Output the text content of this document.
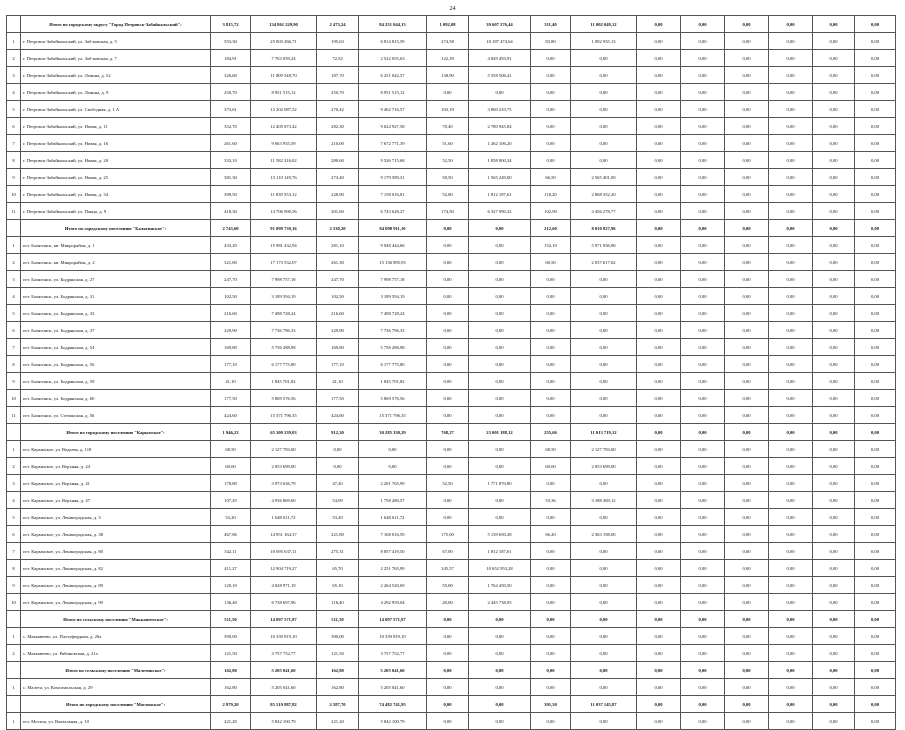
24
	Итого по городскому округу "Город Петровск-Забайкальский":	3 815,72	134 861 229,90	2 473,24	84 251 044,13	1 092,08	39 607 276,44	311,40	11 002 049,12	0,00	0,00	0,00	0,00	0,00	0,00
1	г. Петровск-Забайкальский, ул. Заб-ковская, д. 5	553,30	25 003 266,71	195,63	6 814 815,59	274,58	10 187 474,64	83,80	1 092 935,13	0,00	0,00	0,00	0,00	0,00	0,00
2	г. Петровск-Забайкальский, ул. Заб-ковская, д. 7	184,91	7 763 059,24	72,52	2 522 055,63	122,39	4 849 493,91	0,00	0,00	0,00	0,00	0,00	0,00	0,00	0,00
3	г. Петровск-Забайкальский, ул. Ленина, д. 52	326,60	11 809 548,70	187,70	6 251 042,57	138,90	5 558 506,41	0,00	0,00	0,00	0,00	0,00	0,00	0,00	0,00
4	г. Петровск-Забайкальский, ул. Ленина, д. 9	250,70	8 951 515,12	250,70	8 951 515,12	0,00	0,00	0,00	0,00	0,00	0,00	0,00	0,00	0,00	0,00
5	г. Петровск-Забайкальский, ул. Свободная, д. 1 А	373,61	13 202 087,52	270,42	9 462 716,57	103,19	3 860 210,75	0,00	0,00	0,00	0,00	0,00	0,00	0,00	0,00
6	г. Петровск-Забайкальский, ул. Новая, д. 11	352,70	12 405 873,42	282,30	9 624 927,58	70,40	2 780 945,84	0,00	0,00	0,00	0,00	0,00	0,00	0,00	0,00
7	г. Петровск-Забайкальский, ул. Новая, д. 16	261,60	9 063 955,59	210,00	7 672 771,39	51,60	1 262 106,20	0,00	0,00	0,00	0,00	0,00	0,00	0,00	0,00
8	г. Петровск-Забайкальский, ул. Новая, д. 20	333,10	11 582 316,02	280,60	9 526 715,68	52,50	1 858 800,34	0,00	0,00	0,00	0,00	0,00	0,00	0,00	0,00
9	г. Петровск-Забайкальский, ул. Новая, д. 25	381,30	13 110 149,76	273,40	9 179 589,31	50,50	1 565 249,00	66,50	2 565 401,00	0,00	0,00	0,00	0,00	0,00	0,00
10	г. Петровск-Забайкальский, ул. Новая, д. 34	399,50	11 839 553,12	228,90	7 158 016,81	52,80	1 812 187,61	118,20	2 868 352,20	0,00	0,00	0,00	0,00	0,00	0,00
11	г. Петровск-Забайкальский, ул. Панца, д. 9	418,30	14 706 990,56	201,60	6 743 628,27	174,50	6 327 090,32	102,90	3 456 278,77	0,00	0,00	0,00	0,00	0,00	0,00
	Итого по городскому поселению "Балягинское":	2 743,60	91 099 739,16	2 530,20	84 098 911,10	0,00	0,00	212,60	8 010 827,96	0,00	0,00	0,00	0,00	0,00	0,00
1	пгт. Балягинск, кв. Микрорайон, д. 1	433,20	15 981 432,94	281,10	9 948 444,66	0,00	0,00	152,10	5 971 936,96	0,00	0,00	0,00	0,00	0,00	0,00
2	пгт. Балягинск, кв. Микрорайон, д. 2	321,80	17 173 532,07	261,30	15 136 895,93	0,00	0,00	60,50	2 037 617,02	0,00	0,00	0,00	0,00	0,00	0,00
3	пгт. Балягинск, ул. Бодрянская, д. 27	247,70	7 998 757,18	247,70	7 998 757,18	0,00	0,00	0,00	0,00	0,00	0,00	0,00	0,00	0,00	0,00
4	пгт. Балягинск, ул. Бодрянская, д. 31	102,50	3 189 594,19	102,50	3 189 594,19	0,00	0,00	0,00	0,00	0,00	0,00	0,00	0,00	0,00	0,00
5	пгт. Балягинск, ул. Бодрянская, д. 33	216,60	7 498 728,24	216,60	7 498 728,24	0,00	0,00	0,00	0,00	0,00	0,00	0,00	0,00	0,00	0,00
6	пгт. Балягинск, ул. Бодрянская, д. 37	229,90	7 736 796,33	229,90	7 736 796,33	0,00	0,00	0,00	0,00	0,00	0,00	0,00	0,00	0,00	0,00
7	пгт. Балягинск, ул. Бодрянская, д. 54	169,80	5 756 288,98	169,80	5 756 288,98	0,00	0,00	0,00	0,00	0,00	0,00	0,00	0,00	0,00	0,00
8	пгт. Балягинск, ул. Бодрянская, д. 56	177,10	6 177 775,80	177,10	6 177 775,80	0,00	0,00	0,00	0,00	0,00	0,00	0,00	0,00	0,00	0,00
9	пгт. Балягинск, ул. Бодрянская, д. 59	41,10	1 845 701,82	41,10	1 845 701,82	0,00	0,00	0,00	0,00	0,00	0,00	0,00	0,00	0,00	0,00
10	пгт. Балягинск, ул. Бодрянская, д. 60	177,50	5 869 576,56	177,50	5 869 576,56	0,00	0,00	0,00	0,00	0,00	0,00	0,00	0,00	0,00	0,00
11	пгт. Балягинск, ул. Степанская, д. 56	424,60	15 371 796,35	424,60	15 371 796,35	0,00	0,00	0,00	0,00	0,00	0,00	0,00	0,00	0,00	0,00
	Итого по городскому поселению "Карымское":	1 946,23	65 309 239,03	912,30	30 285 330,29	768,27	23 001 188,12	255,66	11 013 719,12	0,00	0,00	0,00	0,00	0,00	0,00
1	пгт. Карымское, ул. Ведьева, д. 118	68,50	2 127 783,00	0,00	0,00	0,00	0,00	68,50	2 127 783,00	0,00	0,00	0,00	0,00	0,00	0,00
2	пгт. Карымское, ул. Верхняя, д. 24	60,00	2 053 699,00	0,00	0,00	0,00	0,00	60,00	2 053 699,00	0,00	0,00	0,00	0,00	0,00	0,00
3	пгт. Карымское, ул. Верхняя, д. 41	178,80	3 973 636,79	47,20	2 201 765,99	52,50	1 771 870,80	0,00	0,00	0,00	0,00	0,00	0,00	0,00	0,00
4	пгт. Карымское, ул. Верхняя, д. 47	107,45	4 936 869,60	54,09	1 758 280,57	0,00	0,00	53,36	3 188 369,12	0,00	0,00	0,00	0,00	0,00	0,00
5	пгт. Карымское, ул. Ленинградская, д. 3	53,20	1 648 611,72	53,20	1 648 611,72	0,00	0,00	0,00	0,00	0,00	0,00	0,00	0,00	0,00	0,00
6	пгт. Карымское, ул. Ленинградская, д. 38	467,86	14 951 164,37	221,80	7 168 016,59	175,00	5 139 650,28	66,20	2 363 198,00	0,00	0,00	0,00	0,00	0,00	0,00
7	пгт. Карымское, ул. Ленинградская, д. 80	342,11	10 695 637,11	275,31	8 857 419,50	67,00	1 812 187,61	0,00	0,00	0,00	0,00	0,00	0,00	0,00	0,00
8	пгт. Карымское, ул. Ленинградская, д. 82	411,27	12 904 719,27	65,70	2 251 765,99	345,57	10 652 953,28	0,00	0,00	0,00	0,00	0,00	0,00	0,00	0,00
9	пгт. Карымское, ул. Ленинградская, д. 89	120,10	4 028 971,19	65,10	2 264 520,69	55,00	1 764 450,50	0,00	0,00	0,00	0,00	0,00	0,00	0,00	0,00
10	пгт. Карымское, ул. Ленинградская, д. 99	136,40	6 738 697,96	116,40	4 292 959,04	20,00	2 445 738,95	0,00	0,00	0,00	0,00	0,00	0,00	0,00	0,00
	Итого по сельскому поселению "Маккавеевское":	511,50	14 097 571,87	511,50	14 097 571,87	0,00	0,00	0,00	0,00	0,00	0,00	0,00	0,00	0,00	0,00
1	с. Маккавеево, ул. Плотуфердная, д. 26а	390,00	10 339 819,10	390,00	10 339 819,10	0,00	0,00	0,00	0,00	0,00	0,00	0,00	0,00	0,00	0,00
2	с. Маккавеево, ул. Рябиновская, д. 21а	121,50	3 757 752,77	121,50	3 757 752,77	0,00	0,00	0,00	0,00	0,00	0,00	0,00	0,00	0,00	0,00
	Итого по сельскому поселению "Малетинское":	162,80	5 205 041,60	162,80	5 205 041,60	0,00	0,00	0,00	0,00	0,00	0,00	0,00	0,00	0,00	0,00
1	с. Малета, ул. Комсомольская, д. 29	162,80	5 205 041,60	162,80	5 205 041,60	0,00	0,00	0,00	0,00	0,00	0,00	0,00	0,00	0,00	0,00
	Итого по городскому поселению "Могзонское":	2 979,20	85 519 887,82	2 587,70	74 482 741,95	0,00	0,00	391,50	11 037 145,87	0,00	0,00	0,00	0,00	0,00	0,00
1	пгт. Могзон, ул. Вокзальная, д. 10	221,20	5 842 100,79	221,20	5 842 100,79	0,00	0,00	0,00	0,00	0,00	0,00	0,00	0,00	0,00	0,00
